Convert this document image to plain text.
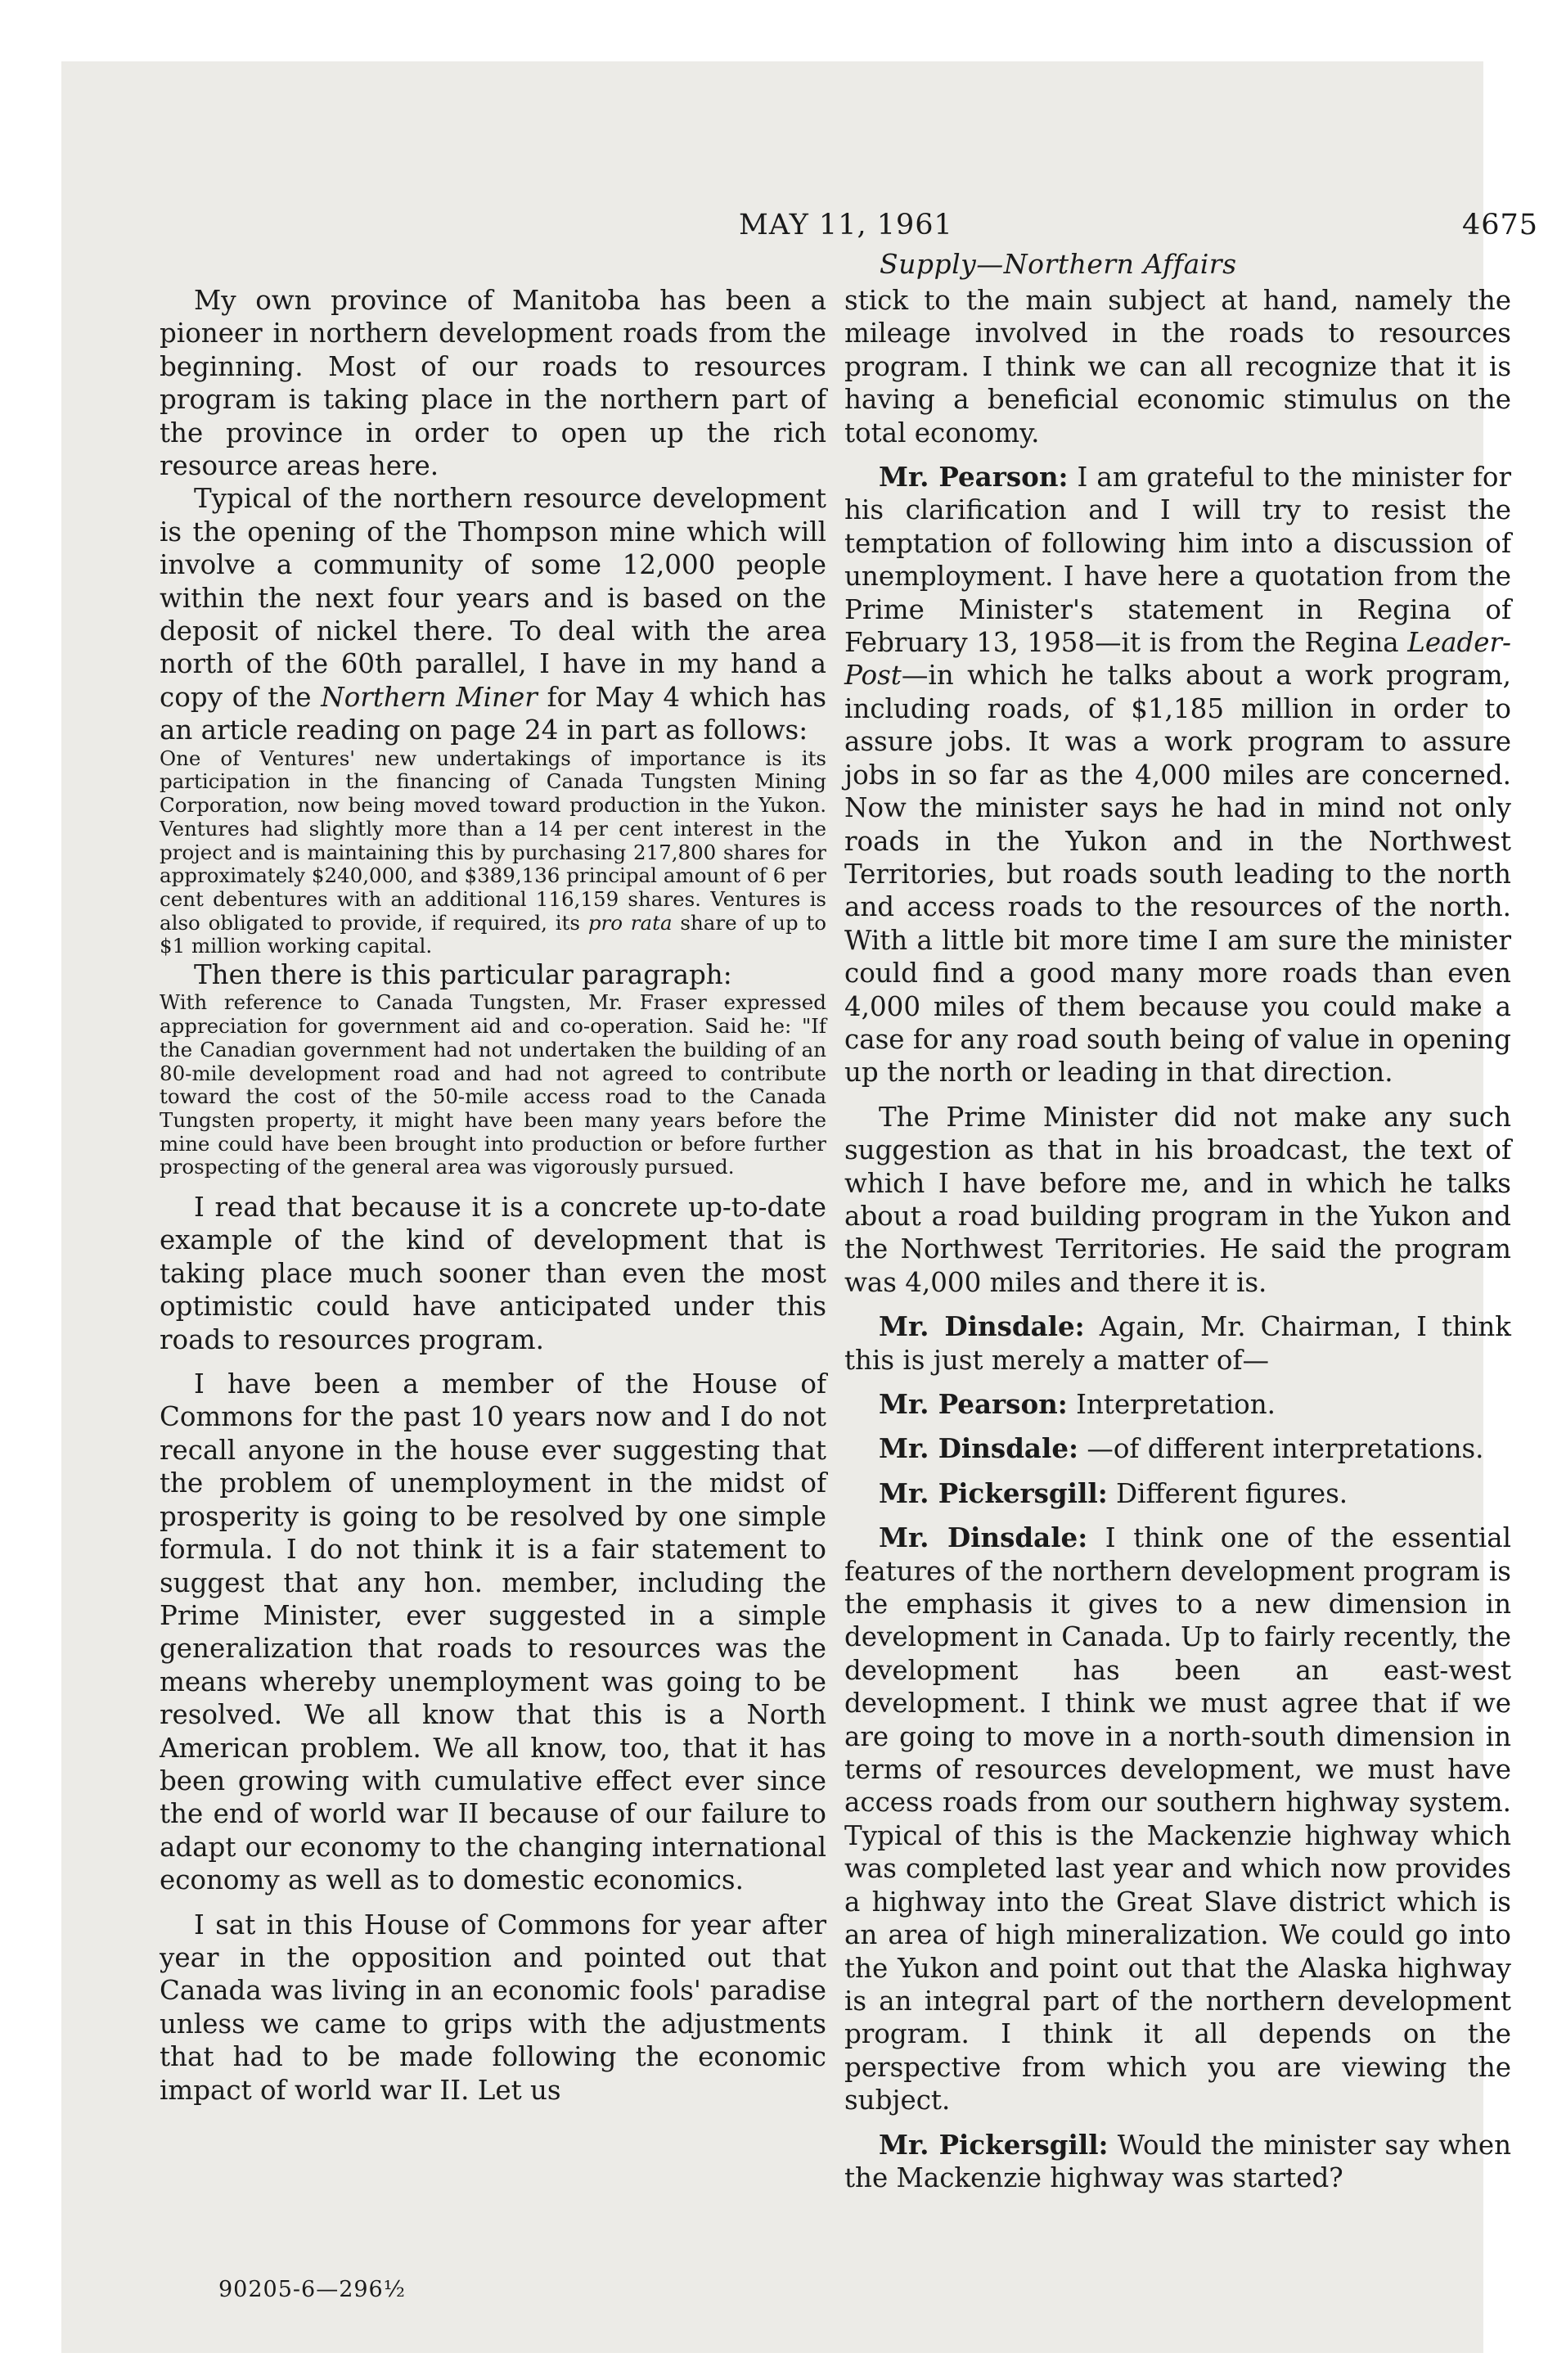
MAY 11, 1961	4675
Supply—Northern Affairs

My own province of Manitoba has been a pioneer in northern development roads from the beginning. Most of our roads to resources program is taking place in the northern part of the province in order to open up the rich resource areas here.

Typical of the northern resource development is the opening of the Thompson mine which will involve a community of some 12,000 people within the next four years and is based on the deposit of nickel there. To deal with the area north of the 60th parallel, I have in my hand a copy of the Northern Miner for May 4 which has an article reading on page 24 in part as follows:

One of Ventures' new undertakings of importance is its participation in the financing of Canada Tungsten Mining Corporation, now being moved toward production in the Yukon. Ventures had slightly more than a 14 per cent interest in the project and is maintaining this by purchasing 217,800 shares for approximately $240,000, and $389,136 principal amount of 6 per cent debentures with an additional 116,159 shares. Ventures is also obligated to provide, if required, its pro rata share of up to $1 million working capital.

Then there is this particular paragraph:

With reference to Canada Tungsten, Mr. Fraser expressed appreciation for government aid and co-operation. Said he: "If the Canadian government had not undertaken the building of an 80-mile development road and had not agreed to contribute toward the cost of the 50-mile access road to the Canada Tungsten property, it might have been many years before the mine could have been brought into production or before further prospecting of the general area was vigorously pursued.

I read that because it is a concrete up-to-date example of the kind of development that is taking place much sooner than even the most optimistic could have anticipated under this roads to resources program.

I have been a member of the House of Commons for the past 10 years now and I do not recall anyone in the house ever suggesting that the problem of unemployment in the midst of prosperity is going to be resolved by one simple formula. I do not think it is a fair statement to suggest that any hon. member, including the Prime Minister, ever suggested in a simple generalization that roads to resources was the means whereby unemployment was going to be resolved. We all know that this is a North American problem. We all know, too, that it has been growing with cumulative effect ever since the end of world war II because of our failure to adapt our economy to the changing international economy as well as to domestic economics.

I sat in this House of Commons for year after year in the opposition and pointed out that Canada was living in an economic fools' paradise unless we came to grips with the adjustments that had to be made following the economic impact of world war II. Let us

90205-6—296½

stick to the main subject at hand, namely the mileage involved in the roads to resources program. I think we can all recognize that it is having a beneficial economic stimulus on the total economy.

Mr. Pearson: I am grateful to the minister for his clarification and I will try to resist the temptation of following him into a discussion of unemployment. I have here a quotation from the Prime Minister's statement in Regina of February 13, 1958—it is from the Regina Leader-Post—in which he talks about a work program, including roads, of $1,185 million in order to assure jobs. It was a work program to assure jobs in so far as the 4,000 miles are concerned. Now the minister says he had in mind not only roads in the Yukon and in the Northwest Territories, but roads south leading to the north and access roads to the resources of the north. With a little bit more time I am sure the minister could find a good many more roads than even 4,000 miles of them because you could make a case for any road south being of value in opening up the north or leading in that direction.

The Prime Minister did not make any such suggestion as that in his broadcast, the text of which I have before me, and in which he talks about a road building program in the Yukon and the Northwest Territories. He said the program was 4,000 miles and there it is.

Mr. Dinsdale: Again, Mr. Chairman, I think this is just merely a matter of—

Mr. Pearson: Interpretation.

Mr. Dinsdale: —of different interpretations.

Mr. Pickersgill: Different figures.

Mr. Dinsdale: I think one of the essential features of the northern development program is the emphasis it gives to a new dimension in development in Canada. Up to fairly recently, the development has been an east-west development. I think we must agree that if we are going to move in a north-south dimension in terms of resources development, we must have access roads from our southern highway system. Typical of this is the Mackenzie highway which was completed last year and which now provides a highway into the Great Slave district which is an area of high mineralization. We could go into the Yukon and point out that the Alaska highway is an integral part of the northern development program. I think it all depends on the perspective from which you are viewing the subject.

Mr. Pickersgill: Would the minister say when the Mackenzie highway was started?
